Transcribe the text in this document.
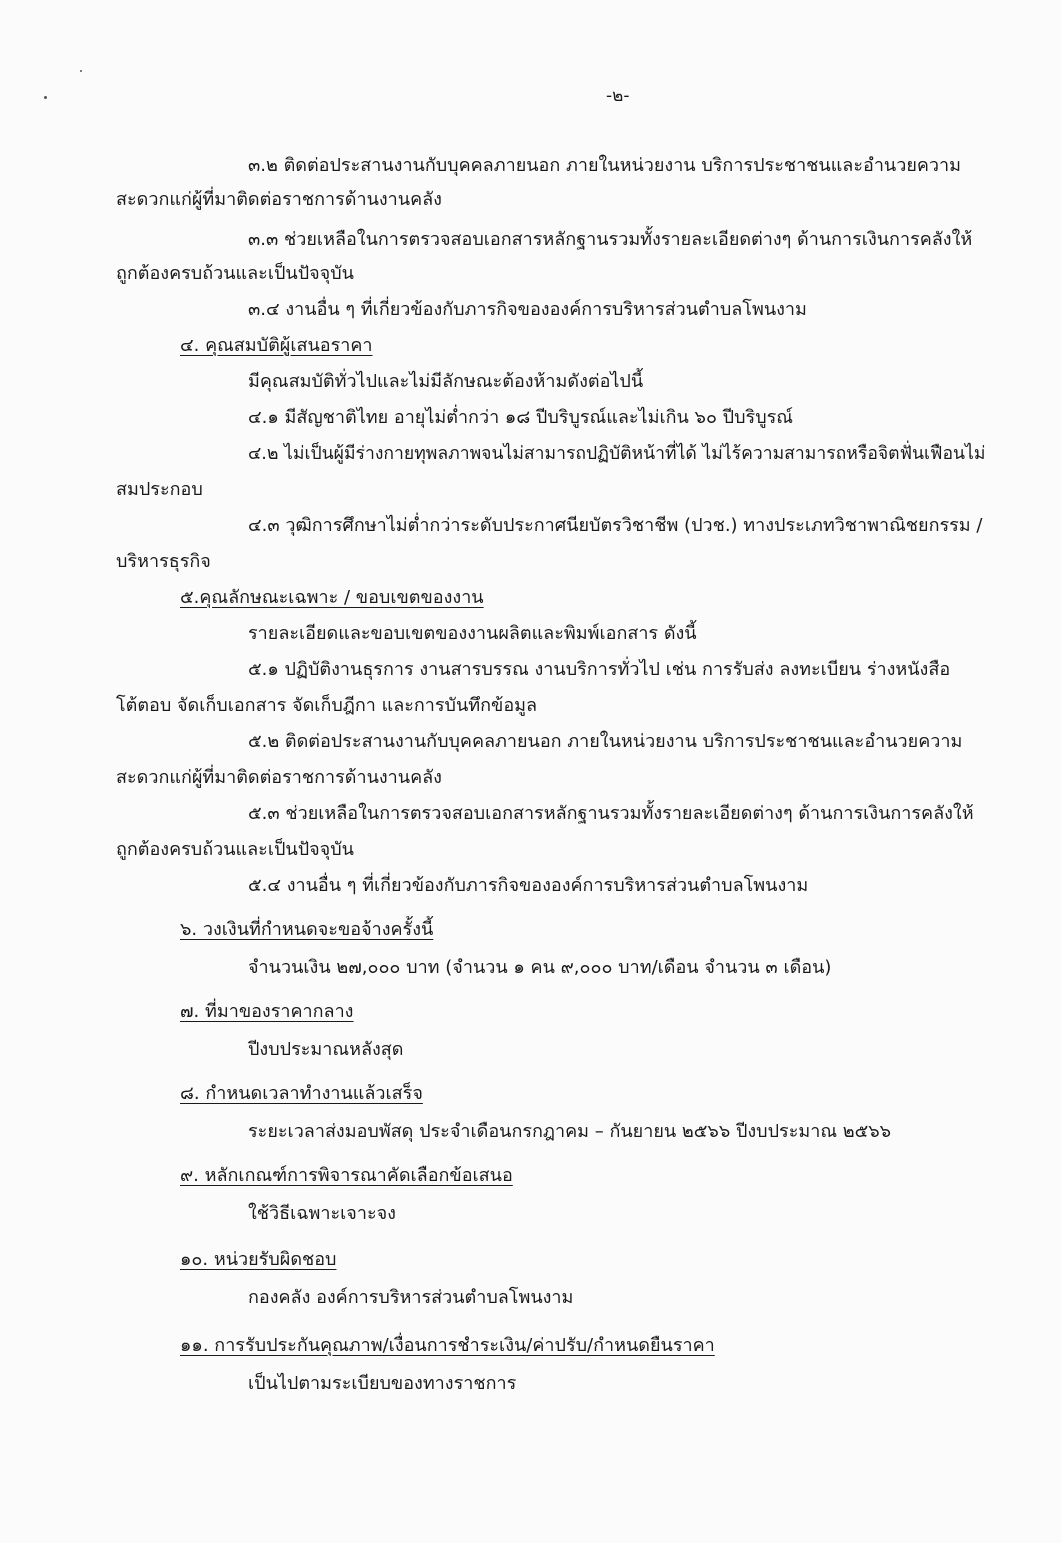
-๒-
๓.๒ ติดต่อประสานงานกับบุคคลภายนอก ภายในหน่วยงาน บริการประชาชนและอำนวยความ
สะดวกแก่ผู้ที่มาติดต่อราชการด้านงานคลัง
๓.๓ ช่วยเหลือในการตรวจสอบเอกสารหลักฐานรวมทั้งรายละเอียดต่างๆ ด้านการเงินการคลังให้
ถูกต้องครบถ้วนและเป็นปัจจุบัน
๓.๔ งานอื่น ๆ ที่เกี่ยวข้องกับภารกิจขององค์การบริหารส่วนตำบลโพนงาม
๔. คุณสมบัติผู้เสนอราคา
มีคุณสมบัติทั่วไปและไม่มีลักษณะต้องห้ามดังต่อไปนี้
๔.๑ มีสัญชาติไทย อายุไม่ต่ำกว่า ๑๘ ปีบริบูรณ์และไม่เกิน ๖๐ ปีบริบูรณ์
๔.๒ ไม่เป็นผู้มีร่างกายทุพลภาพจนไม่สามารถปฏิบัติหน้าที่ได้ ไม่ไร้ความสามารถหรือจิตฟั่นเฟือนไม่
สมประกอบ
๔.๓ วุฒิการศึกษาไม่ต่ำกว่าระดับประกาศนียบัตรวิชาชีพ (ปวช.) ทางประเภทวิชาพาณิชยกรรม /
บริหารธุรกิจ
๕.คุณลักษณะเฉพาะ / ขอบเขตของงาน
รายละเอียดและขอบเขตของงานผลิตและพิมพ์เอกสาร ดังนี้
๕.๑ ปฏิบัติงานธุรการ งานสารบรรณ งานบริการทั่วไป เช่น การรับส่ง ลงทะเบียน ร่างหนังสือ
โต้ตอบ จัดเก็บเอกสาร จัดเก็บฎีกา และการบันทึกข้อมูล
๕.๒ ติดต่อประสานงานกับบุคคลภายนอก ภายในหน่วยงาน บริการประชาชนและอำนวยความ
สะดวกแก่ผู้ที่มาติดต่อราชการด้านงานคลัง
๕.๓ ช่วยเหลือในการตรวจสอบเอกสารหลักฐานรวมทั้งรายละเอียดต่างๆ ด้านการเงินการคลังให้
ถูกต้องครบถ้วนและเป็นปัจจุบัน
๕.๔ งานอื่น ๆ ที่เกี่ยวข้องกับภารกิจขององค์การบริหารส่วนตำบลโพนงาม
๖. วงเงินที่กำหนดจะขอจ้างครั้งนี้
จำนวนเงิน ๒๗,๐๐๐ บาท (จำนวน ๑ คน ๙,๐๐๐ บาท/เดือน จำนวน ๓ เดือน)
๗. ที่มาของราคากลาง
ปีงบประมาณหลังสุด
๘. กำหนดเวลาทำงานแล้วเสร็จ
ระยะเวลาส่งมอบพัสดุ ประจำเดือนกรกฎาคม – กันยายน ๒๕๖๖ ปีงบประมาณ ๒๕๖๖
๙. หลักเกณฑ์การพิจารณาคัดเลือกข้อเสนอ
ใช้วิธีเฉพาะเจาะจง
๑๐. หน่วยรับผิดชอบ
กองคลัง องค์การบริหารส่วนตำบลโพนงาม
๑๑. การรับประกันคุณภาพ/เงื่อนการชำระเงิน/ค่าปรับ/กำหนดยืนราคา
เป็นไปตามระเบียบของทางราชการ
